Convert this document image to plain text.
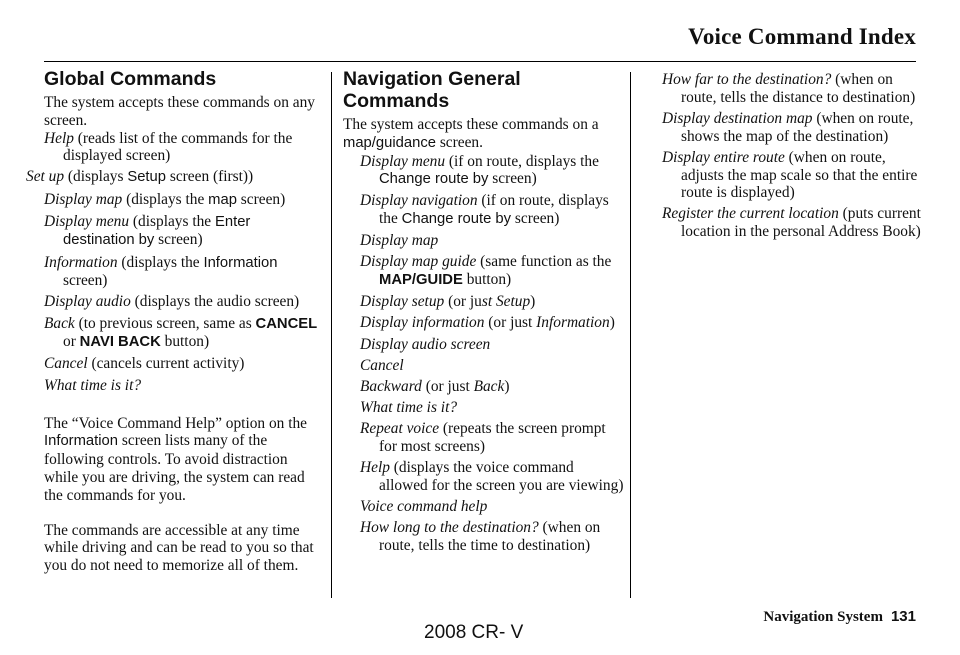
Voice Command Index
Global Commands

The system accepts these commands on any screen.

Help (reads list of the commands for the displayed screen)
Set up (displays Setup screen (first))
Display map (displays the map screen)
Display menu (displays the Enter destination by screen)
Information (displays the Information screen)
Display audio (displays the audio screen)
Back (to previous screen, same as CANCEL or NAVI BACK button)
Cancel (cancels current activity)
What time is it?

The “Voice Command Help” option on the Information screen lists many of the following controls. To avoid distraction while you are driving, the system can read the commands for you.

The commands are accessible at any time while driving and can be read to you so that you do not need to memorize all of them.

Navigation General Commands

The system accepts these commands on a map/guidance screen.

Display menu (if on route, displays the Change route by screen)
Display navigation (if on route, displays the Change route by screen)
Display map
Display map guide (same function as the MAP/GUIDE button)
Display setup (or just Setup)
Display information (or just Information)
Display audio screen
Cancel
Backward (or just Back)
What time is it?
Repeat voice (repeats the screen prompt for most screens)
Help (displays the voice command allowed for the screen you are viewing)
Voice command help
How long to the destination? (when on route, tells the time to destination)
How far to the destination? (when on route, tells the distance to destination)
Display destination map (when on route, shows the map of the destination)
Display entire route (when on route, adjusts the map scale so that the entire route is displayed)
Register the current location (puts current location in the personal Address Book)
Navigation System 131
2008 CR- V
